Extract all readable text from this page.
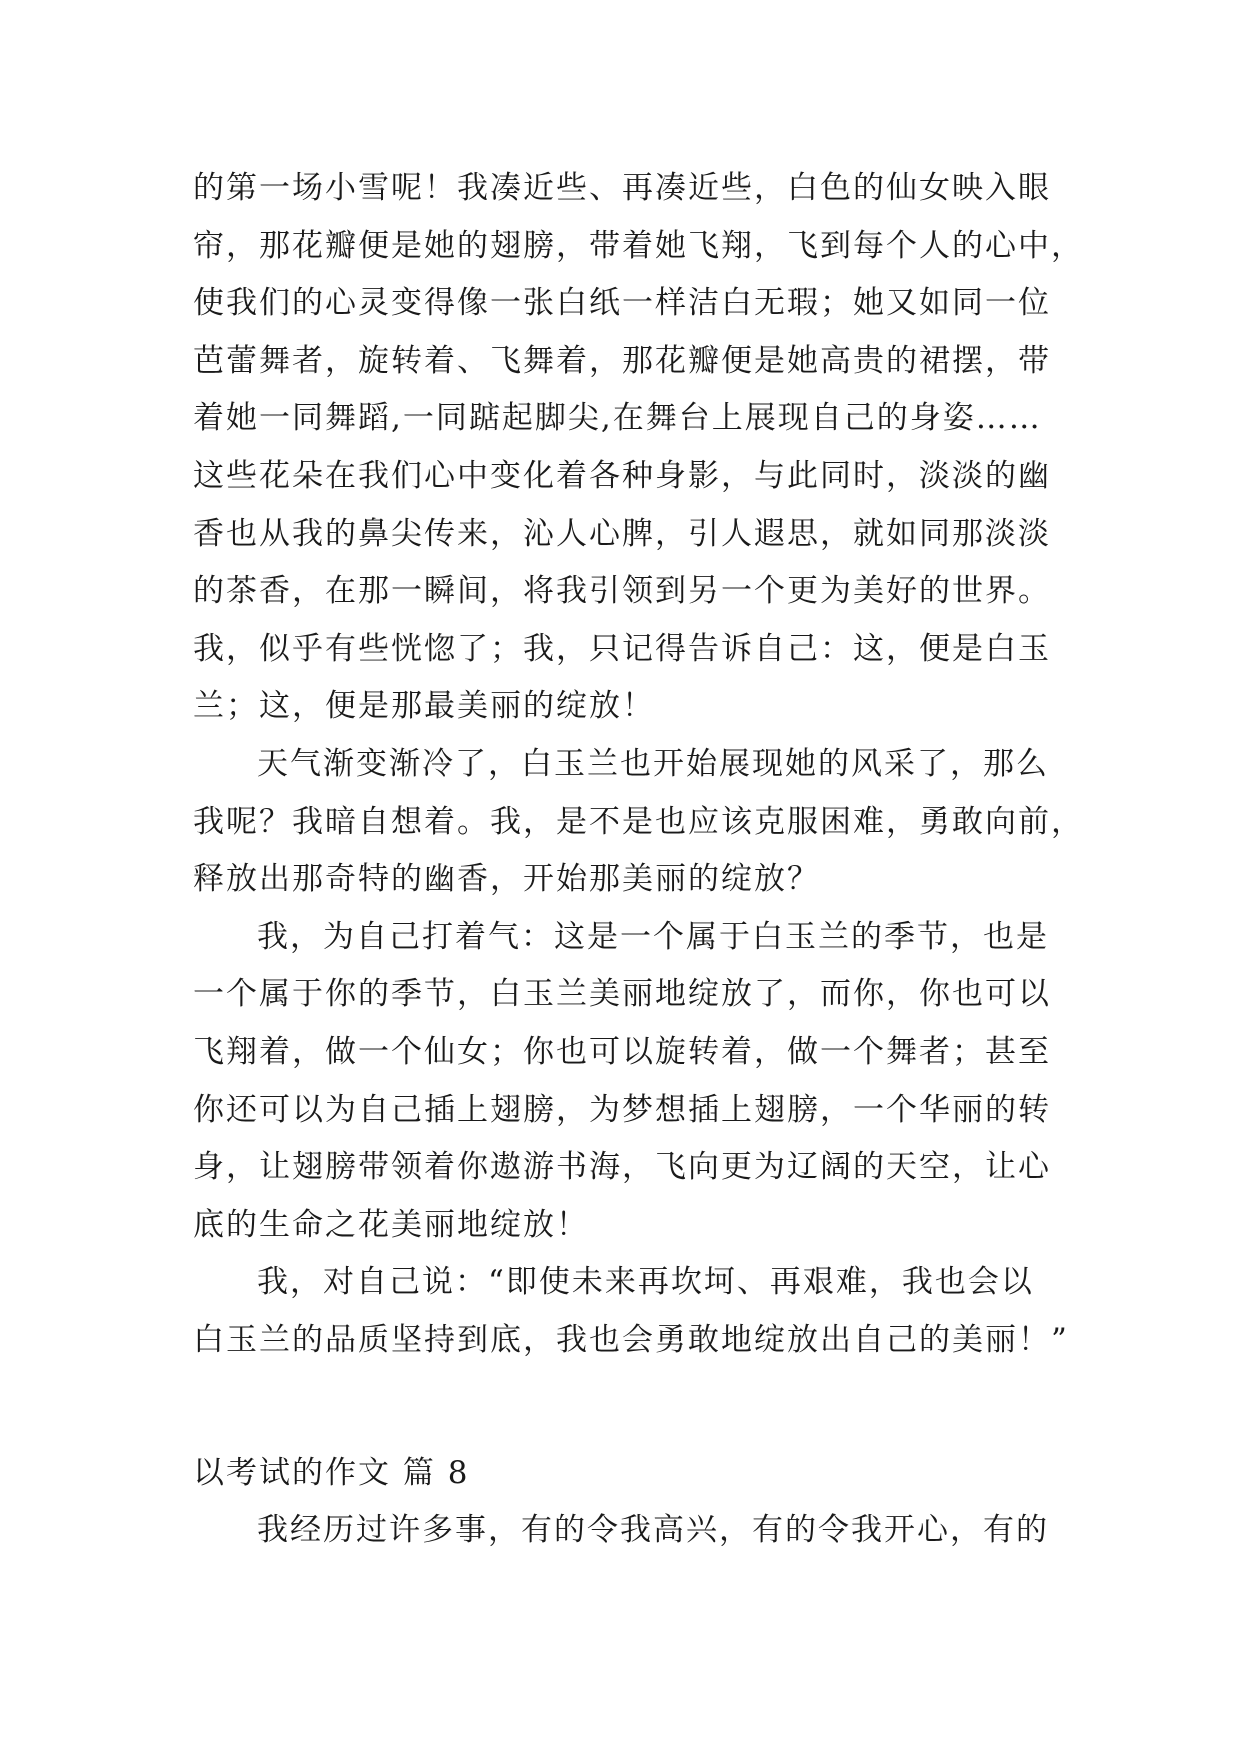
的第一场小雪呢！我凑近些、再凑近些，白色的仙女映入眼
帘，那花瓣便是她的翅膀，带着她飞翔，飞到每个人的心中，
使我们的心灵变得像一张白纸一样洁白无瑕；她又如同一位
芭蕾舞者，旋转着、飞舞着，那花瓣便是她高贵的裙摆，带
着她一同舞蹈,一同踮起脚尖,在舞台上展现自己的身姿……
这些花朵在我们心中变化着各种身影，与此同时，淡淡的幽
香也从我的鼻尖传来，沁人心脾，引人遐思，就如同那淡淡
的茶香，在那一瞬间，将我引领到另一个更为美好的世界。
我，似乎有些恍惚了；我，只记得告诉自己：这，便是白玉
兰；这，便是那最美丽的绽放！
天气渐变渐冷了，白玉兰也开始展现她的风采了，那么
我呢？我暗自想着。我，是不是也应该克服困难，勇敢向前，
释放出那奇特的幽香，开始那美丽的绽放？
我，为自己打着气：这是一个属于白玉兰的季节，也是
一个属于你的季节，白玉兰美丽地绽放了，而你，你也可以
飞翔着，做一个仙女；你也可以旋转着，做一个舞者；甚至
你还可以为自己插上翅膀，为梦想插上翅膀，一个华丽的转
身，让翅膀带领着你遨游书海，飞向更为辽阔的天空，让心
底的生命之花美丽地绽放！
我，对自己说：“即使未来再坎坷、再艰难，我也会以
白玉兰的品质坚持到底，我也会勇敢地绽放出自己的美丽！”
以考试的作文 篇 8
我经历过许多事，有的令我高兴，有的令我开心，有的
